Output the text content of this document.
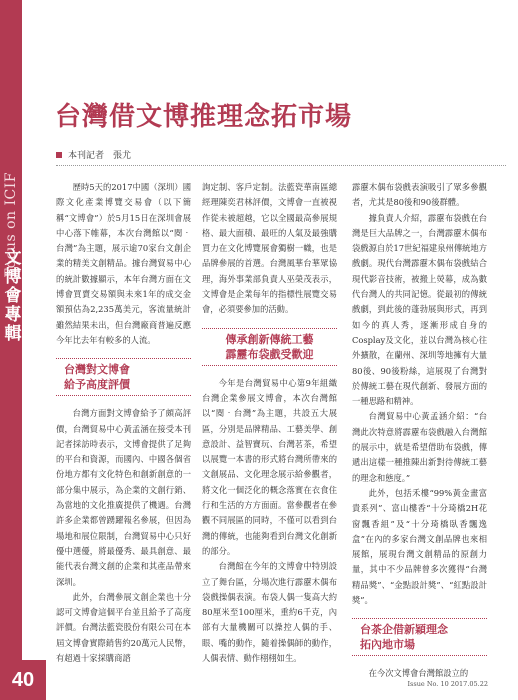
Focus on ICIF
文博會專輯
40
台灣借文博推理念拓市場
本刊記者　張尤

歷時5天的2017中國（深圳）國際文化產業博覽交易會（以下簡稱“文博會”）於5月15日在深圳會展中心落下帷幕，本次台灣館以“閱‧台灣”為主題，展示逾70家台文創企業的精美文創精品。據台灣貿易中心的統計數據顯示，本年台灣方面在文博會買賣交易額與未來1年的成交金額預估為2,235萬美元，客流量統計雖然結果未出，但台灣廠商普遍反應今年比去年有較多的人流。

台灣對文博會
給予高度評價

台灣方面對文博會給予了頗高評價，台灣貿易中心黃孟涵在接受本刊記者採訪時表示，文博會提供了足夠的平台和資源，而國內、中國各個省份地方都有文化特色和創新創意的一部分集中展示，為企業的文創行銷、為當地的文化推廣提供了機遇。台灣許多企業都曾踴躍報名參展，但因為場地和展位限制，台灣貿易中心只好優中選優，將最優秀、最具創意、最能代表台灣文創的企業和其產品帶來深圳。

此外，台灣參展文創企業也十分認可文博會這個平台並且給予了高度評價。台灣法藍瓷股份有限公司在本屆文博會實際銷售約20萬元人民幣，有超過十家採購商諮

詢定制、客戶定制。法藍瓷華南區總經理陳奕君林評價，文博會一直被視作從未被超越，它以全國最高參展規格、最大面積、最旺的人氣及最強購買力在文化博覽展會獨樹一幟，也是品牌參展的首選。台灣風華台華眾協理，海外事業部負責人巫榮茂表示，文博會是企業每年的指標性展覽交易會，必須要參加的活動。

傳承創新傳統工藝
霹靂布袋戲受歡迎

今年是台灣貿易中心第9年組織台灣企業參展文博會，本次台灣館以“閱‧台灣”為主題，共設五大展區，分別是品牌精品、工藝美學、創意設計、益智寶玩、台灣茗茶，希望以展覽一本書的形式將台灣所帶來的文創展品、文化理念展示給參觀者，將文化一個泛化的概念落實在衣食住行和生活的方方面面。當參觀者在參觀不同展區的同時，不僅可以看到台灣的傳統，也能夠看到台灣文化創新的部分。

台灣館在今年的文博會中特別設立了舞台區，分場次進行霹靂木偶布袋戲操偶表演。布袋人偶一隻高大約80厘米至100厘米，重約6千克，內部有大量機關可以操控人偶的手、眼、嘴的動作，隨着操偶師的動作，人偶表情、動作栩栩如生。

霹靂木偶布袋戲表演吸引了眾多參觀者，尤其是80後和90後群體。

據負責人介紹，霹靂布袋戲在台灣是巨大品牌之一，台灣霹靂木偶布袋戲源自於17世紀福建泉州傳統地方戲劇。現代台灣霹靂木偶布袋戲結合現代影音技術，被搬上熒幕，成為數代台灣人的共同記憶。從最初的傳統戲劇，到此後的蓬勃展與形式，再到如今的真人秀，逐漸形成自身的Cosplay及文化，並以台灣為核心往外擴散，在蘭州、深圳等地擁有大量80後、90後粉絲，這展現了台灣對於傳統工藝在現代創新、發展方面的一種思路和精神。

台灣貿易中心黃孟涵介紹：“台灣此次特意將霹靂布袋戲融入台灣館的展示中，就是希望借助布袋戲，傳遞出這樣一種推陳出新對待傳統工藝的理念和態度。”

此外，包括禾樓“99%黃金畫富貴系列”、富山樓香“十分琦橋2H花窗飄香組”及“十分琦橋臥香飄逸盒”在內的多家台灣文創品牌也來相展館，展現台灣文創精品的原創力量，其中不少品牌曾多次獲得“台灣精品獎”、“金點設計獎”、“紅點設計獎”。

台茶企借新穎理念
拓內地市場

在今次文博會台灣館設立的

Issue No. 10 2017.05.22
